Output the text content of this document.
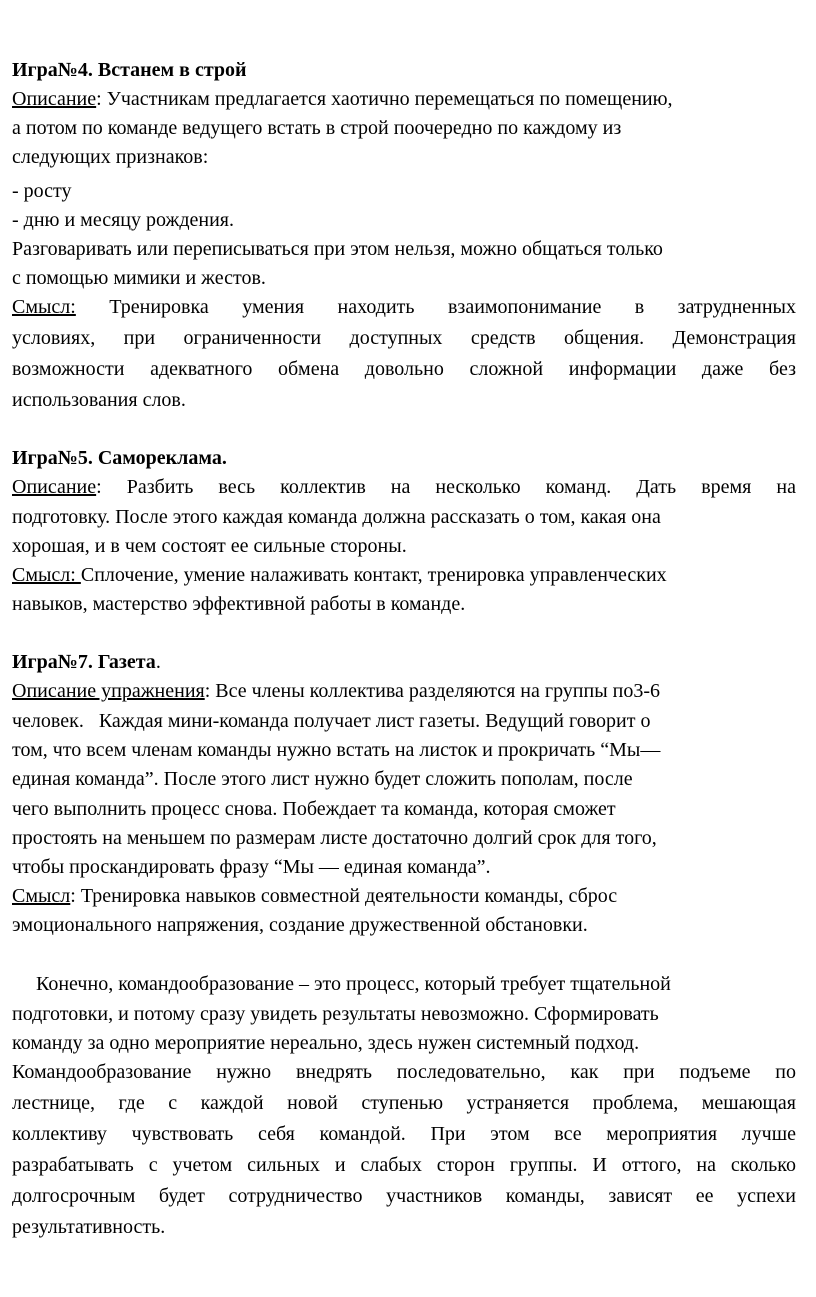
Игра№4. Встанем в строй
Описание: Участникам предлагается хаотично перемещаться по помещению,
а потом по команде ведущего встать в строй поочередно по каждому из
следующих признаков:
- росту
- дню и месяцу рождения.
Разговаривать или переписываться при этом нельзя, можно общаться только
с помощью мимики и жестов.
Смысл: Тренировка умения находить взаимопонимание в затрудненных
условиях, при ограниченности доступных средств общения. Демонстрация
возможности адекватного обмена довольно сложной информации даже без
использования слов.
Игра№5. Самореклама.
Описание: Разбить весь коллектив на несколько команд. Дать время на
подготовку. После этого каждая команда должна рассказать о том, какая она
хорошая, и в чем состоят ее сильные стороны.
Смысл: Сплочение, умение налаживать контакт, тренировка управленческих
навыков, мастерство эффективной работы в команде.
Игра№7. Газета.
Описание упражнения: Все члены коллектива разделяются на группы по3-6
человек.   Каждая мини-команда получает лист газеты. Ведущий говорит о
том, что всем членам команды нужно встать на листок и прокричать “Мы—
единая команда”. После этого лист нужно будет сложить пополам, после
чего выполнить процесс снова. Побеждает та команда, которая сможет
простоять на меньшем по размерам листе достаточно долгий срок для того,
чтобы проскандировать фразу “Мы — единая команда”.
Смысл: Тренировка навыков совместной деятельности команды, сброс
эмоционального напряжения, создание дружественной обстановки.
Конечно, командообразование – это процесс, который требует тщательной
подготовки, и потому сразу увидеть результаты невозможно. Сформировать
команду за одно мероприятие нереально, здесь нужен системный подход.
Командообразование нужно внедрять последовательно, как при подъеме по
лестнице, где с каждой новой ступенью устраняется проблема, мешающая
коллективу чувствовать себя командой. При этом все мероприятия лучше
разрабатывать с учетом сильных и слабых сторон группы. И оттого, на сколько
долгосрочным будет сотрудничество участников команды, зависят ее успехи
результативность.
